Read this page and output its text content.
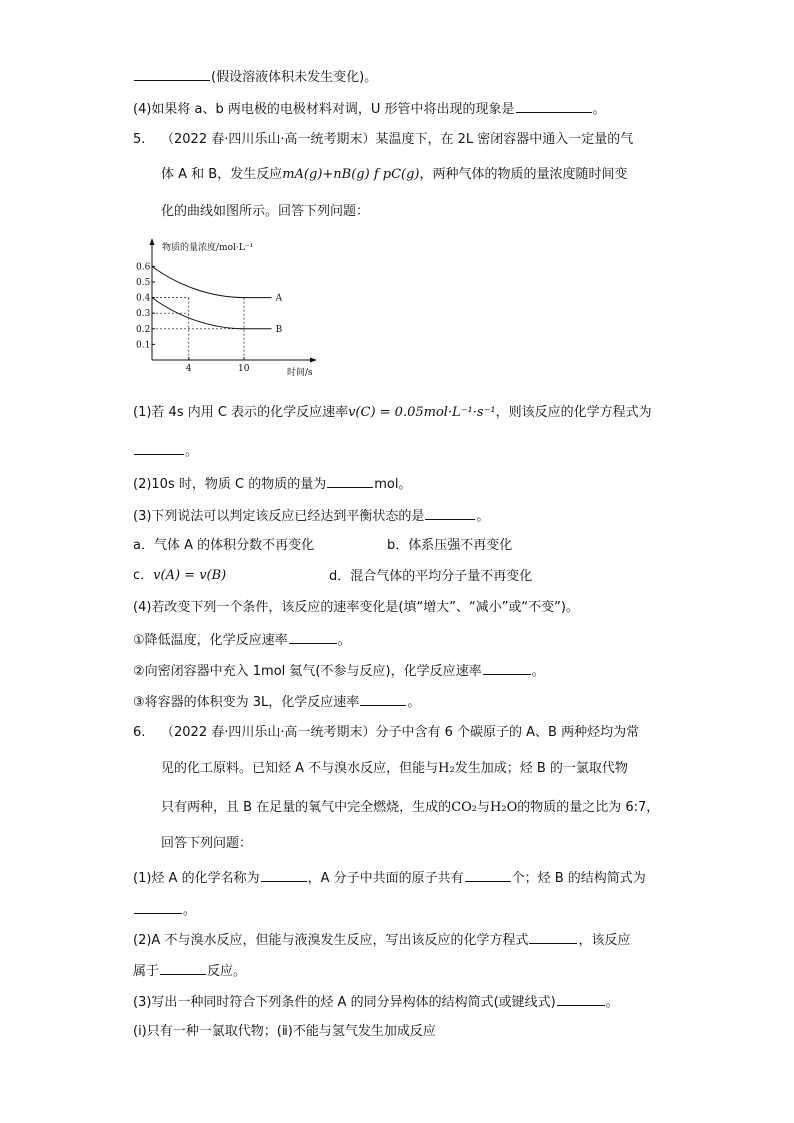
(假设溶液体积未发生变化)。
(4)如果将 a、b 两电极的电极材料对调，U 形管中将出现的现象是	。
5. （2022 春·四川乐山·高一统考期末）某温度下，在 2L 密闭容器中通入一定量的气
体 A 和 B，发生反应mA(g)+nB(g) f pC(g)，两种气体的物质的量浓度随时间变
化的曲线如图所示。回答下列问题：
物质的量浓度/mol·L⁻¹
时间/s
0.6
0.5
0.4
0.3
0.2
0.1
4	10
A
B
(1)若 4s 内用 C 表示的化学反应速率v(C) = 0.05mol·L⁻¹·s⁻¹，则该反应的化学方程式为
。
(2)10s 时，物质 C 的物质的量为	mol。
(3)下列说法可以判定该反应已经达到平衡状态的是	。
a．气体 A 的体积分数不再变化	b．体系压强不再变化
c．v(A) = v(B)	d．混合气体的平均分子量不再变化
(4)若改变下列一个条件，该反应的速率变化是(填“增大”、“减小”或“不变”)。
①降低温度，化学反应速率	。
②向密闭容器中充入 1mol 氦气(不参与反应)，化学反应速率	。
③将容器的体积变为 3L，化学反应速率	。
6. （2022 春·四川乐山·高一统考期末）分子中含有 6 个碳原子的 A、B 两种烃均为常
见的化工原料。已知烃 A 不与溴水反应，但能与H₂发生加成；烃 B 的一氯取代物
只有两种，且 B 在足量的氧气中完全燃烧，生成的CO₂与H₂O的物质的量之比为 6:7，
回答下列问题：
(1)烃 A 的化学名称为	，A 分子中共面的原子共有	个；烃 B 的结构简式为
。
(2)A 不与溴水反应，但能与液溴发生反应，写出该反应的化学方程式	，该反应
属于	反应。
(3)写出一种同时符合下列条件的烃 A 的同分异构体的结构简式(或键线式)	。
(ⅰ)只有一种一氯取代物；(ⅱ)不能与氢气发生加成反应
